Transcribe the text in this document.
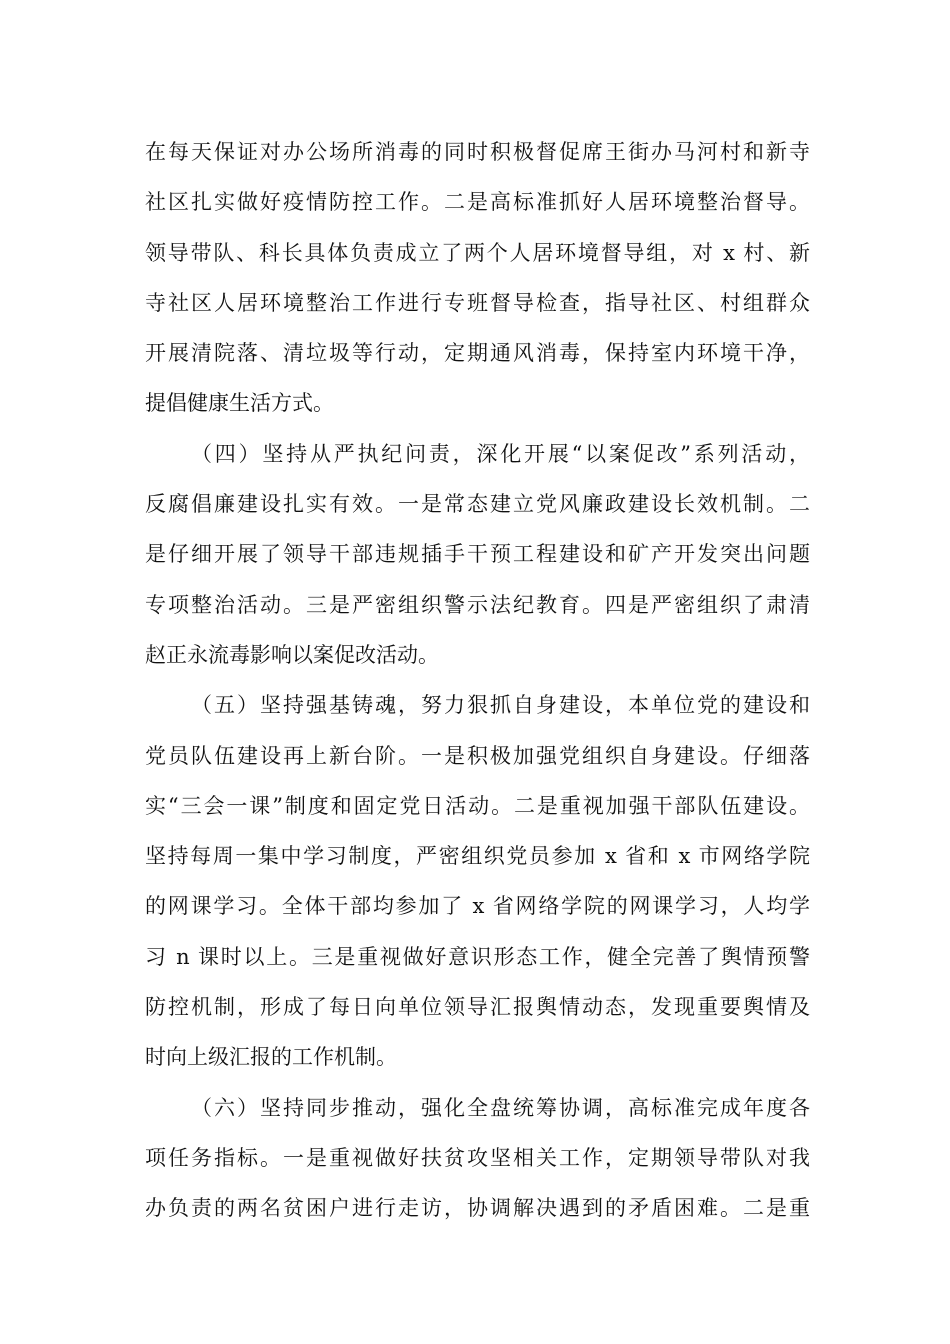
在每天保证对办公场所消毒的同时积极督促席王街办马河村和新寺
社区扎实做好疫情防控工作。二是高标准抓好人居环境整治督导。
领导带队、科长具体负责成立了两个人居环境督导组，对 x 村、新
寺社区人居环境整治工作进行专班督导检查，指导社区、村组群众
开展清院落、清垃圾等行动，定期通风消毒，保持室内环境干净，
提倡健康生活方式。
（四）坚持从严执纪问责，深化开展“以案促改”系列活动，
反腐倡廉建设扎实有效。一是常态建立党风廉政建设长效机制。二
是仔细开展了领导干部违规插手干预工程建设和矿产开发突出问题
专项整治活动。三是严密组织警示法纪教育。四是严密组织了肃清
赵正永流毒影响以案促改活动。
（五）坚持强基铸魂，努力狠抓自身建设，本单位党的建设和
党员队伍建设再上新台阶。一是积极加强党组织自身建设。仔细落
实“三会一课”制度和固定党日活动。二是重视加强干部队伍建设。
坚持每周一集中学习制度，严密组织党员参加 x 省和 x 市网络学院
的网课学习。全体干部均参加了 x 省网络学院的网课学习，人均学
习 n 课时以上。三是重视做好意识形态工作，健全完善了舆情预警
防控机制，形成了每日向单位领导汇报舆情动态，发现重要舆情及
时向上级汇报的工作机制。
（六）坚持同步推动，强化全盘统筹协调，高标准完成年度各
项任务指标。一是重视做好扶贫攻坚相关工作，定期领导带队对我
办负责的两名贫困户进行走访，协调解决遇到的矛盾困难。二是重
